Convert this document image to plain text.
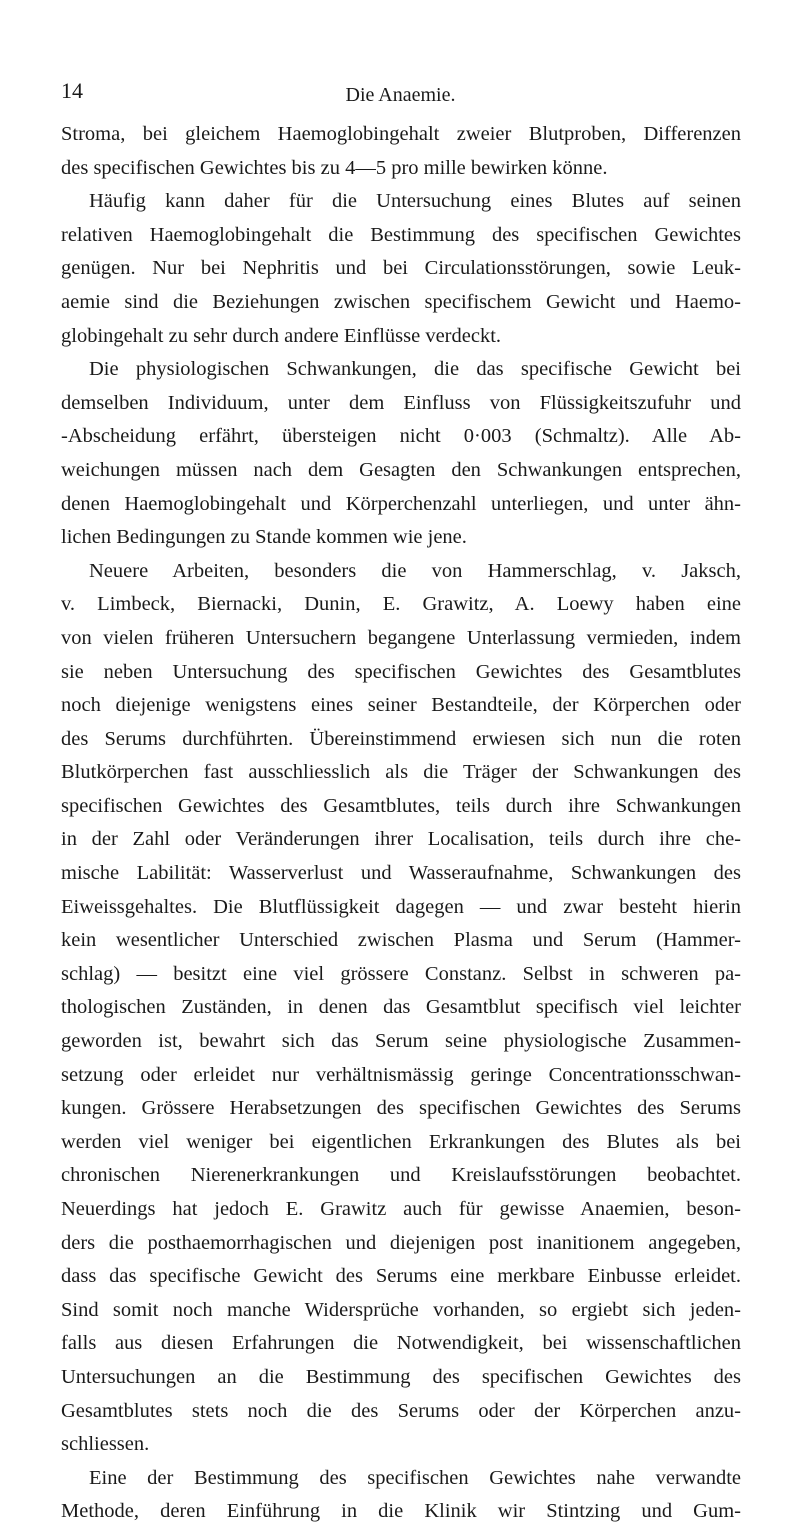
14	Die Anaemie.
Stroma, bei gleichem Haemoglobingehalt zweier Blutproben, Differenzen
des specifischen Gewichtes bis zu 4—5 pro mille bewirken könne.
Häufig kann daher für die Untersuchung eines Blutes auf seinen
relativen Haemoglobingehalt die Bestimmung des specifischen Gewichtes
genügen. Nur bei Nephritis und bei Circulationsstörungen, sowie Leuk-
aemie sind die Beziehungen zwischen specifischem Gewicht und Haemo-
globingehalt zu sehr durch andere Einflüsse verdeckt.
Die physiologischen Schwankungen, die das specifische Gewicht bei
demselben Individuum, unter dem Einfluss von Flüssigkeitszufuhr und
-Abscheidung erfährt, übersteigen nicht 0·003 (Schmaltz). Alle Ab-
weichungen müssen nach dem Gesagten den Schwankungen entsprechen,
denen Haemoglobingehalt und Körperchenzahl unterliegen, und unter ähn-
lichen Bedingungen zu Stande kommen wie jene.
Neuere Arbeiten, besonders die von Hammerschlag, v. Jaksch,
v. Limbeck, Biernacki, Dunin, E. Grawitz, A. Loewy haben eine
von vielen früheren Untersuchern begangene Unterlassung vermieden, indem
sie neben Untersuchung des specifischen Gewichtes des Gesamtblutes
noch diejenige wenigstens eines seiner Bestandteile, der Körperchen oder
des Serums durchführten. Übereinstimmend erwiesen sich nun die roten
Blutkörperchen fast ausschliesslich als die Träger der Schwankungen des
specifischen Gewichtes des Gesamtblutes, teils durch ihre Schwankungen
in der Zahl oder Veränderungen ihrer Localisation, teils durch ihre che-
mische Labilität: Wasserverlust und Wasseraufnahme, Schwankungen des
Eiweissgehaltes. Die Blutflüssigkeit dagegen — und zwar besteht hierin
kein wesentlicher Unterschied zwischen Plasma und Serum (Hammer-
schlag) — besitzt eine viel grössere Constanz. Selbst in schweren pa-
thologischen Zuständen, in denen das Gesamtblut specifisch viel leichter
geworden ist, bewahrt sich das Serum seine physiologische Zusammen-
setzung oder erleidet nur verhältnismässig geringe Concentrationsschwan-
kungen. Grössere Herabsetzungen des specifischen Gewichtes des Serums
werden viel weniger bei eigentlichen Erkrankungen des Blutes als bei
chronischen Nierenerkrankungen und Kreislaufsstörungen beobachtet.
Neuerdings hat jedoch E. Grawitz auch für gewisse Anaemien, beson-
ders die posthaemorrhagischen und diejenigen post inanitionem angegeben,
dass das specifische Gewicht des Serums eine merkbare Einbusse erleidet.
Sind somit noch manche Widersprüche vorhanden, so ergiebt sich jeden-
falls aus diesen Erfahrungen die Notwendigkeit, bei wissenschaftlichen
Untersuchungen an die Bestimmung des specifischen Gewichtes des
Gesamtblutes stets noch die des Serums oder der Körperchen anzu-
schliessen.
Eine der Bestimmung des specifischen Gewichtes nahe verwandte
Methode, deren Einführung in die Klinik wir Stintzing und Gum-
